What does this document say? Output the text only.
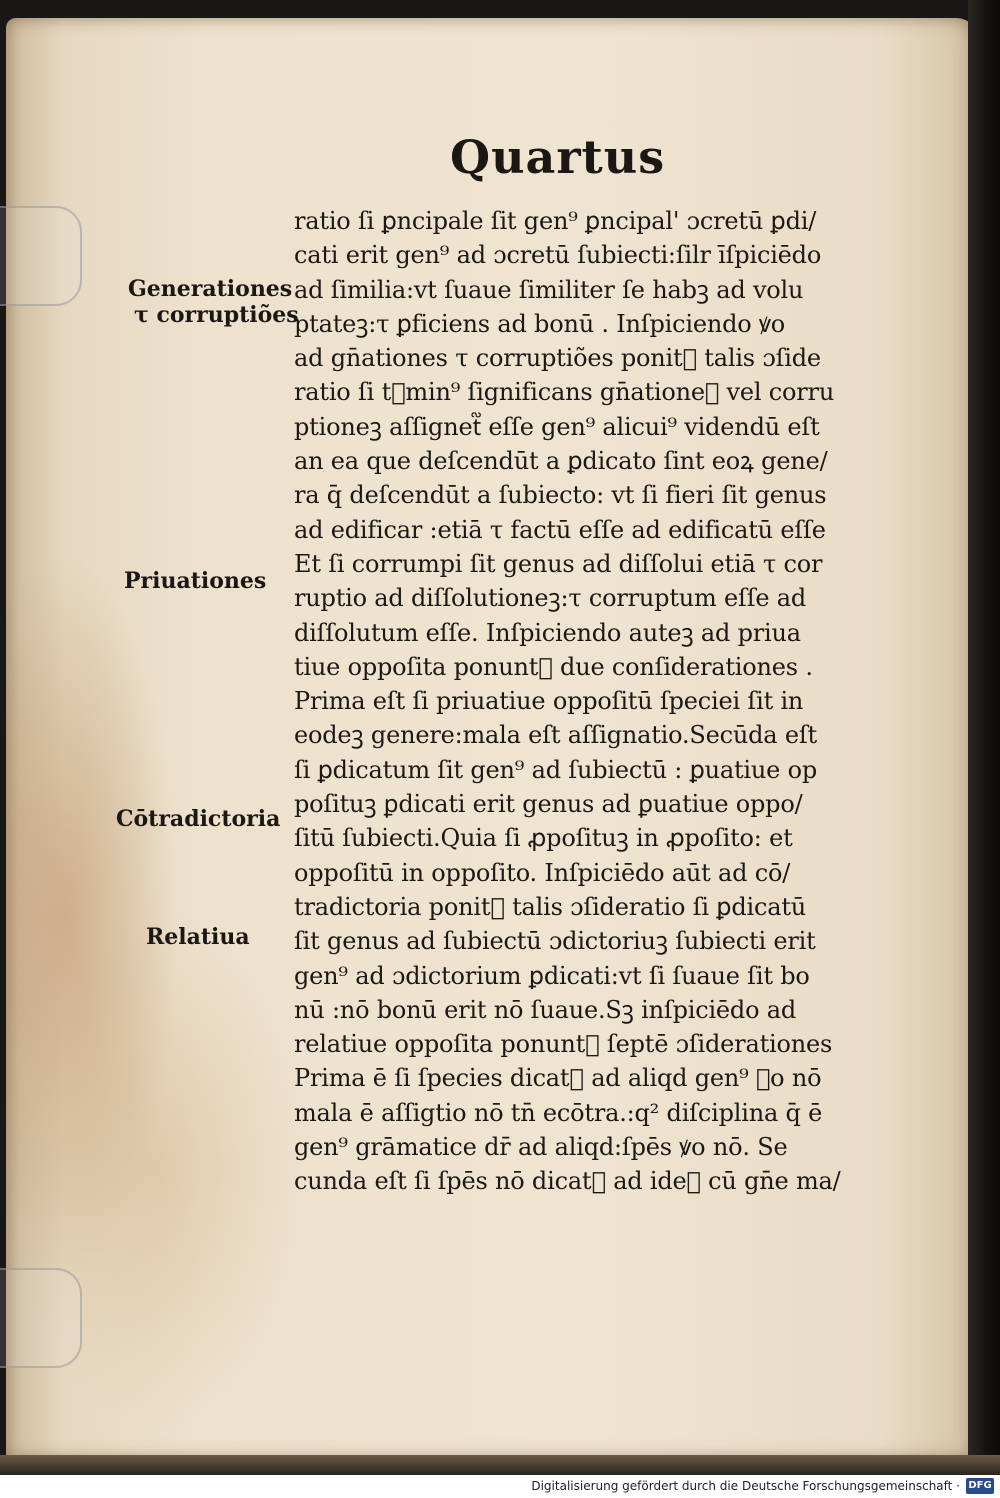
Quartus
Generationes
τ corruptiões
Priuationes
Cōtradictoria
Relatiua
ratio ſi ꝑncipale ſit gen⁹ ꝑncipal' ɔcretū ꝑdi/
cati erit gen⁹ ad ɔcretū ſubiecti:ſilr īſpiciēdo
ad ſimilia:vt ſuaue ſimiliter ſe habꝫ ad volu
ptateꝫ:τ ꝑficiens ad bonū . Inſpiciendo ꝟo
ad gn̄ationes τ corruptiões ponit᷑ talis ɔſide
ratio ſi t᷑min⁹ ſignificans gn̄ationeꝫ vel corru
ptioneꝫ aſſignet᷑ eſſe gen⁹ alicui⁹ videndū eſt
an ea que deſcendūt a ꝑdicato ſint eoꝝ gene/
ra q̄ deſcendūt a ſubiecto: vt ſi fieri ſit genus
ad edificar :etiā τ factū eſſe ad edificatū eſſe
Et ſi corrumpi ſit genus ad diſſolui etiā τ cor
ruptio ad diſſolutioneꝫ:τ corruptum eſſe ad
diſſolutum eſſe. Inſpiciendo auteꝫ ad priua
tiue oppoſita ponunt᷑ due conſiderationes .
Prima eſt ſi priuatiue oppoſitū ſpeciei ſit in
eodeꝫ genere:mala eſt aſſignatio.Secūda eſt
ſi ꝑdicatum ſit gen⁹ ad ſubiectū : ꝑuatiue op
poſituꝫ ꝑdicati erit genus ad ꝑuatiue oppo/
ſitū ſubiecti.Quia ſi ꝓpoſituꝫ in ꝓpoſito: et
oppoſitū in oppoſito. Inſpiciēdo aūt ad cō/
tradictoria ponit᷑ talis ɔſideratio ſi ꝑdicatū
ſit genus ad ſubiectū ɔdictoriuꝫ ſubiecti erit
gen⁹ ad ɔdictorium ꝑdicati:vt ſi ſuaue ſit bo
nū :nō bonū erit nō ſuaue.Sꝫ inſpiciēdo ad
relatiue oppoſita ponunt᷑ ſeptē ɔſiderationes
Prima ē ſi ſpecies dicat᷑ ad aliqd gen⁹ ꝟo nō
mala ē aſſigtio nō tn̄ ecōtra.:q² diſciplina q̄ ē
gen⁹ grāmatice dr̄ ad aliqd:ſpēs ꝟo nō. Se
cunda eſt ſi ſpēs nō dicat᷑ ad ideꝫ cū gn̄e ma/
Digitalisierung gefördert durch die Deutsche Forschungsgemeinschaft · DFG
